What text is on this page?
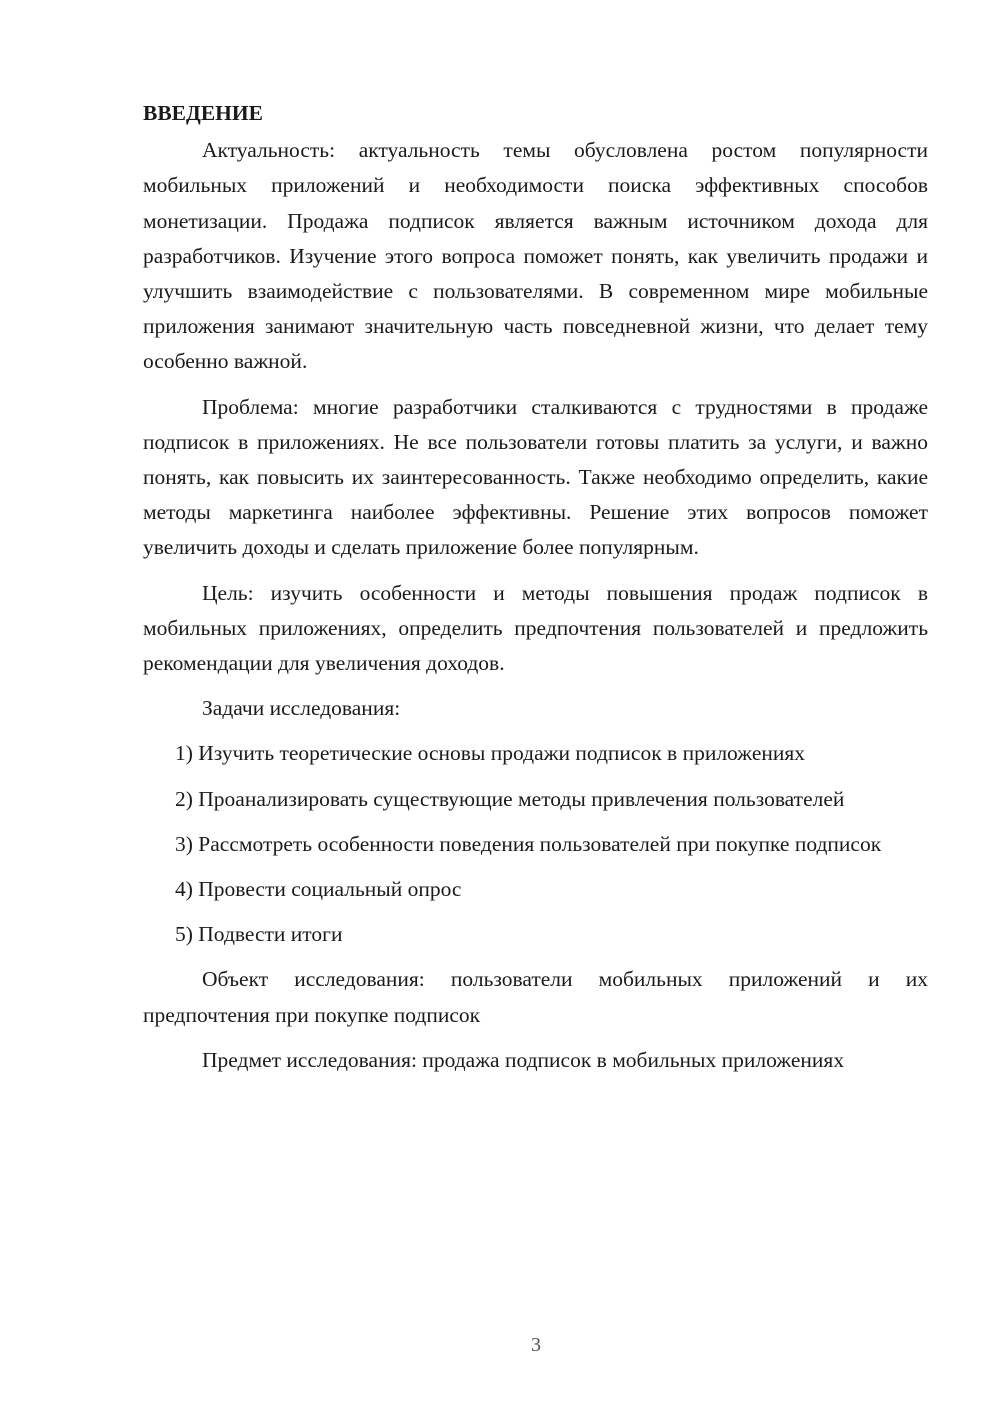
ВВЕДЕНИЕ

Актуальность: актуальность темы обусловлена ростом популярности мобильных приложений и необходимости поиска эффективных способов монетизации. Продажа подписок является важным источником дохода для разработчиков. Изучение этого вопроса поможет понять, как увеличить продажи и улучшить взаимодействие с пользователями. В современном мире мобильные приложения занимают значительную часть повседневной жизни, что делает тему особенно важной.

Проблема: многие разработчики сталкиваются с трудностями в продаже подписок в приложениях. Не все пользователи готовы платить за услуги, и важно понять, как повысить их заинтересованность. Также необходимо определить, какие методы маркетинга наиболее эффективны. Решение этих вопросов поможет увеличить доходы и сделать приложение более популярным.

Цель: изучить особенности и методы повышения продаж подписок в мобильных приложениях, определить предпочтения пользователей и предложить рекомендации для увеличения доходов.

Задачи исследования:

1) Изучить теоретические основы продажи подписок в приложениях

2) Проанализировать существующие методы привлечения пользователей

3) Рассмотреть особенности поведения пользователей при покупке подписок

4) Провести социальный опрос

5) Подвести итоги

Объект исследования: пользователи мобильных приложений и их предпочтения при покупке подписок

Предмет исследования: продажа подписок в мобильных приложениях

3
